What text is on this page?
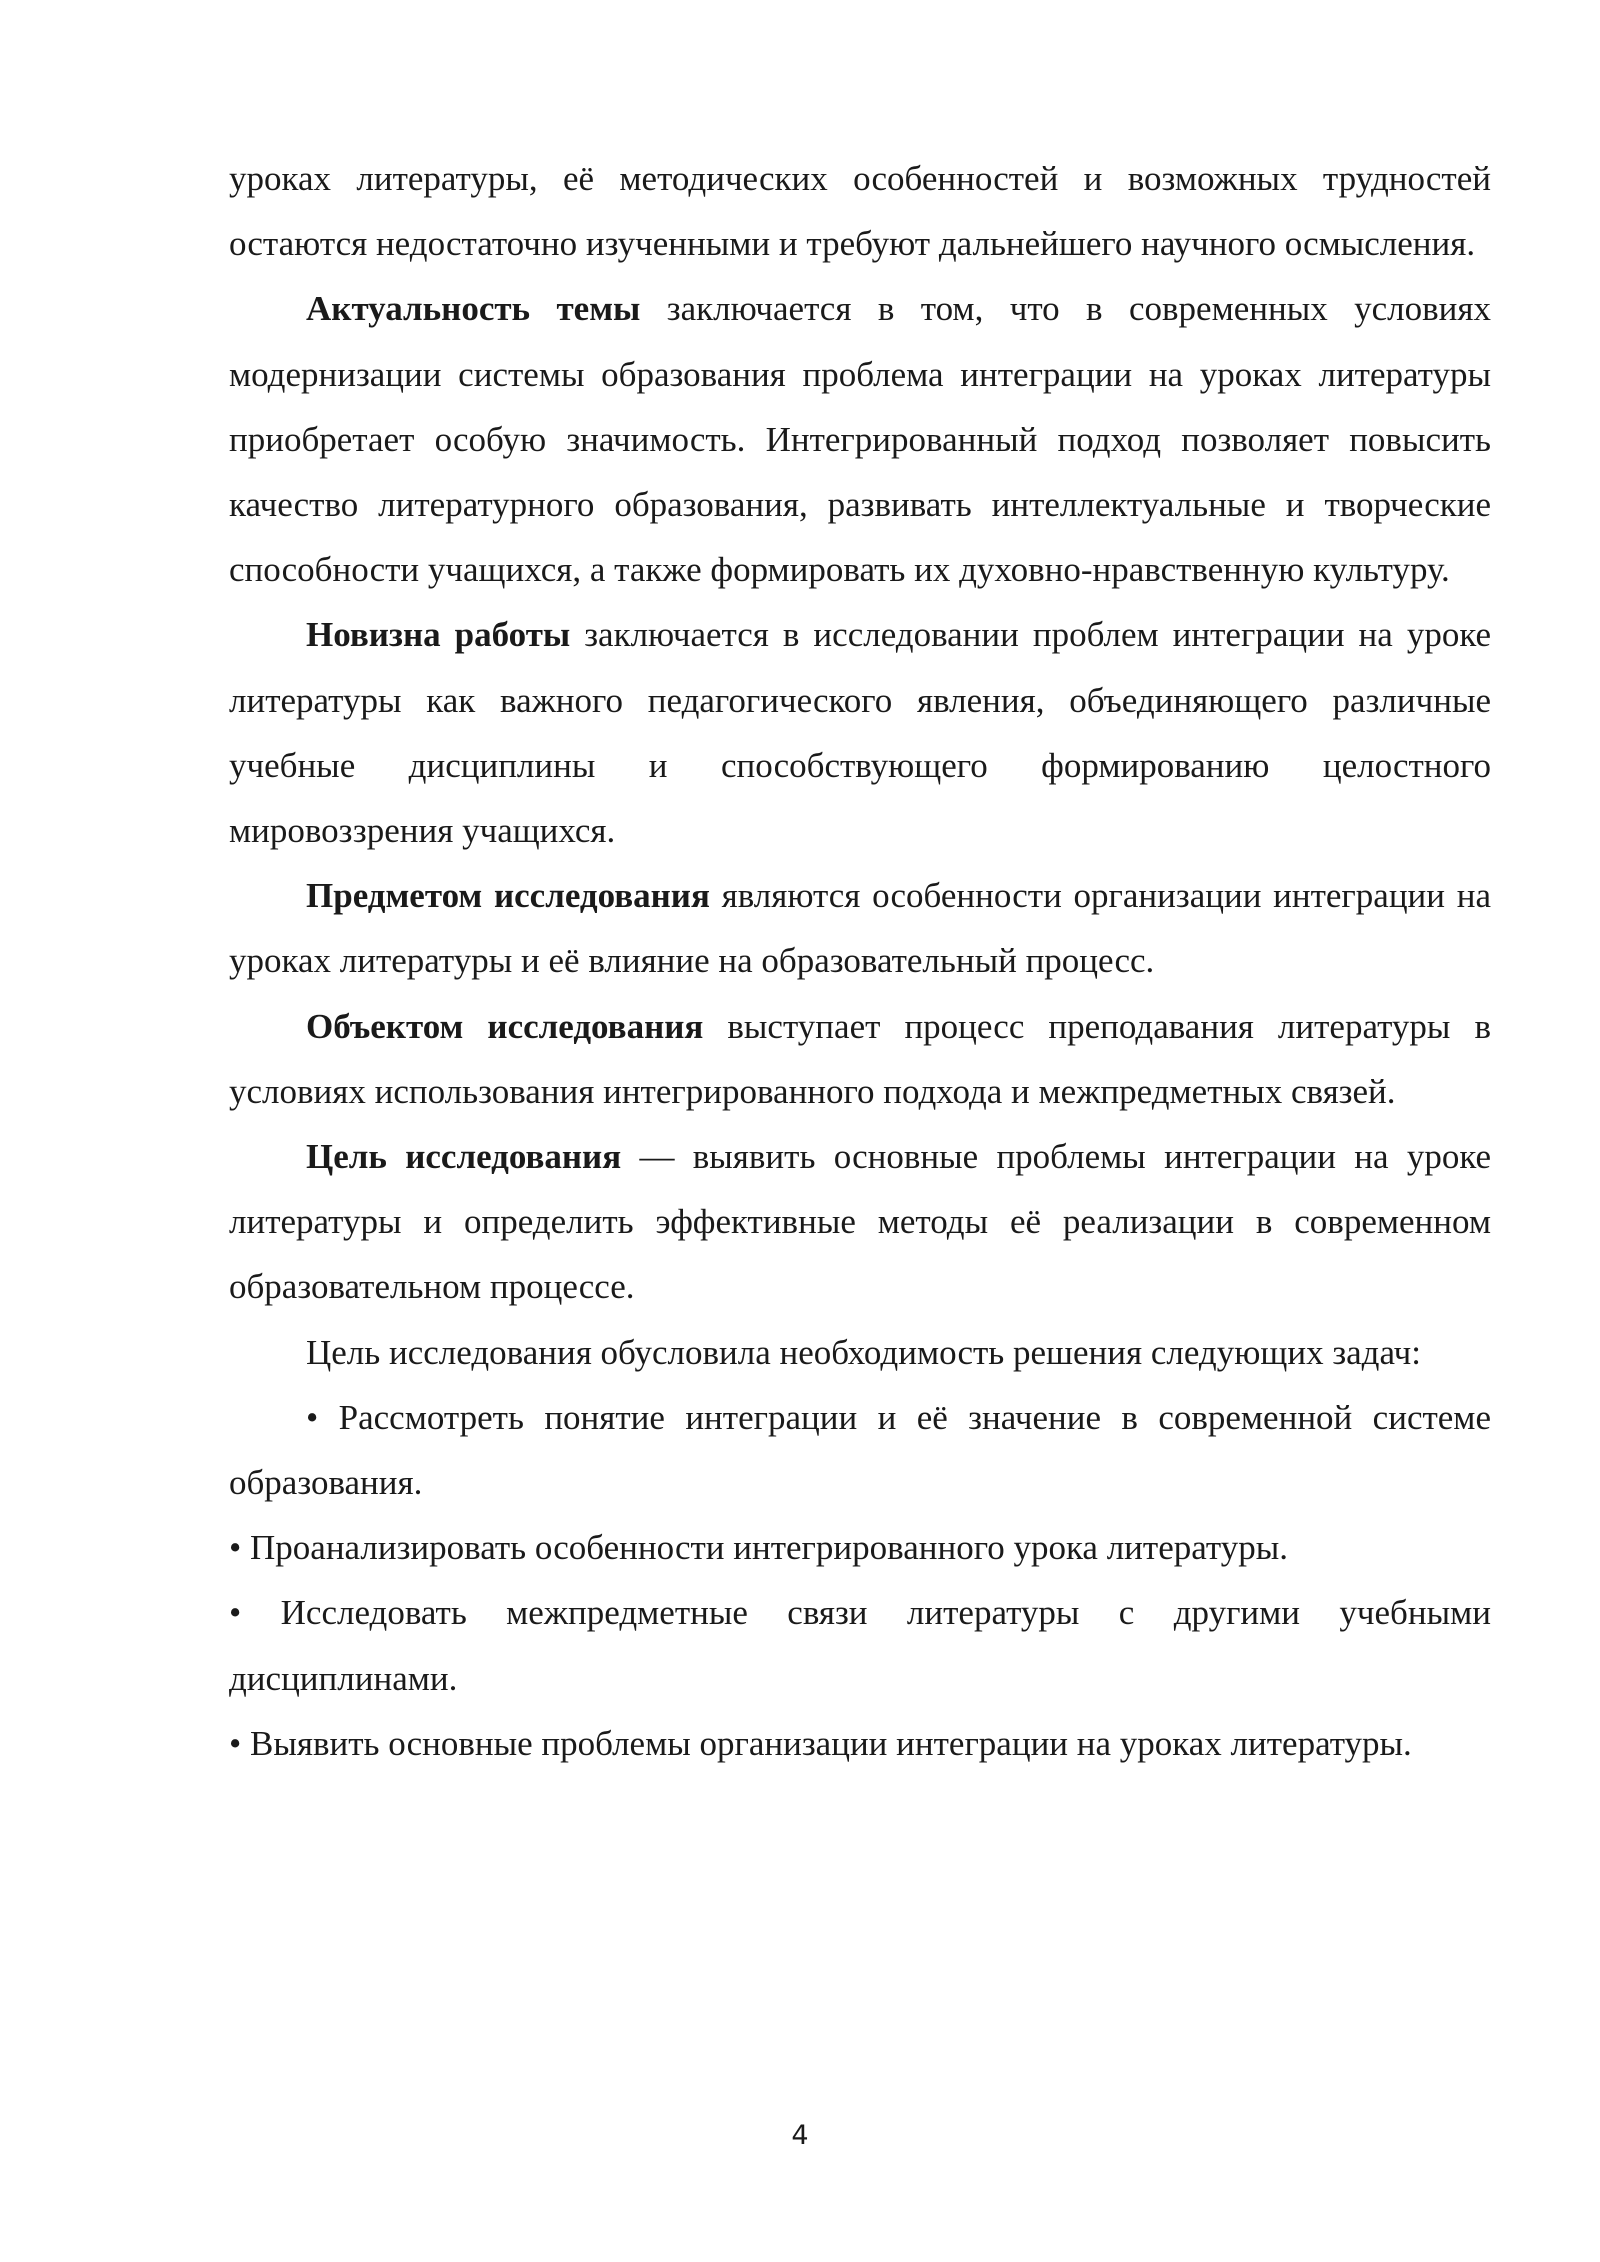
уроках литературы, её методических особенностей и возможных трудностей остаются недостаточно изученными и требуют дальнейшего научного осмысления.

Актуальность темы заключается в том, что в современных условиях модернизации системы образования проблема интеграции на уроках литературы приобретает особую значимость. Интегрированный подход позволяет повысить качество литературного образования, развивать интеллектуальные и творческие способности учащихся, а также формировать их духовно-нравственную культуру.

Новизна работы заключается в исследовании проблем интеграции на уроке литературы как важного педагогического явления, объединяющего различные учебные дисциплины и способствующего формированию целостного мировоззрения учащихся.

Предметом исследования являются особенности организации интеграции на уроках литературы и её влияние на образовательный процесс.

Объектом исследования выступает процесс преподавания литературы в условиях использования интегрированного подхода и межпредметных связей.

Цель исследования — выявить основные проблемы интеграции на уроке литературы и определить эффективные методы её реализации в современном образовательном процессе.

Цель исследования обусловила необходимость решения следующих задач:

• Рассмотреть понятие интеграции и её значение в современной системе образования.

• Проанализировать особенности интегрированного урока литературы.

• Исследовать межпредметные связи литературы с другими учебными дисциплинами.

• Выявить основные проблемы организации интеграции на уроках литературы.

4
